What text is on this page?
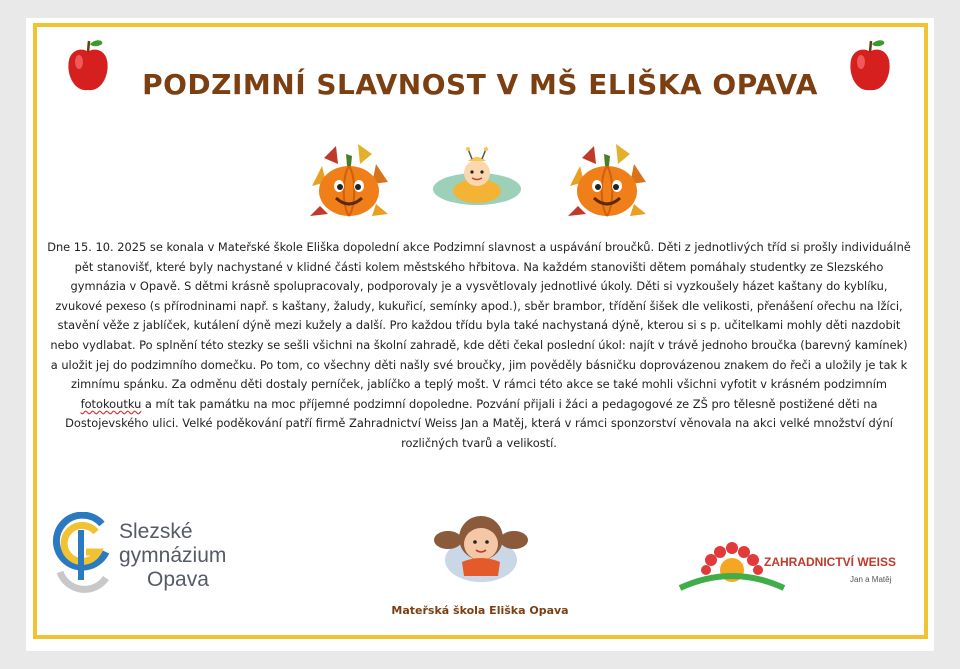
PODZIMNÍ SLAVNOST V MŠ ELIŠKA OPAVA

Dne 15. 10. 2025 se konala v Mateřské škole Eliška dopolední akce Podzimní slavnost a uspávání broučků. Děti z jednotlivých tříd si prošly individuálně pět stanovišť, které byly nachystané v klidné části kolem městského hřbitova. Na každém stanovišti dětem pomáhaly studentky ze Slezského gymnázia v Opavě. S dětmi krásně spolupracovaly, podporovaly je a vysvětlovaly jednotlivé úkoly. Děti si vyzkoušely házet kaštany do kyblíku, zvukové pexeso (s přírodninami např. s kaštany, žaludy, kukuřicí, semínky apod.), sběr brambor, třídění šišek dle velikosti, přenášení ořechu na lžíci, stavění věže z jablíček, kutálení dýně mezi kužely a další. Pro každou třídu byla také nachystaná dýně, kterou si s p. učitelkami mohly děti nazdobit nebo vydlabat. Po splnění této stezky se sešli všichni na školní zahradě, kde děti čekal poslední úkol: najít v trávě jednoho broučka (barevný kamínek) a uložit jej do podzimního domečku. Po tom, co všechny děti našly své broučky, jim pověděly básničku doprovázenou znakem do řeči a uložily je tak k zimnímu spánku. Za odměnu děti dostaly perníček, jablíčko a teplý mošt. V rámci této akce se také mohli všichni vyfotit v krásném podzimním fotokoutku a mít tak památku na moc příjemné podzimní dopoledne. Pozvání přijali i žáci a pedagogové ze ZŠ pro tělesně postižené děti na Dostojevského ulici. Velké poděkování patří firmě Zahradnictví Weiss Jan a Matěj, která v rámci sponzorství věnovala na akci velké množství dýní rozličných tvarů a velikostí.

Slezské
gymnázium
Opava

Mateřská škola Eliška Opava

ZAHRADNICTVÍ WEISS
Jan a Matěj
